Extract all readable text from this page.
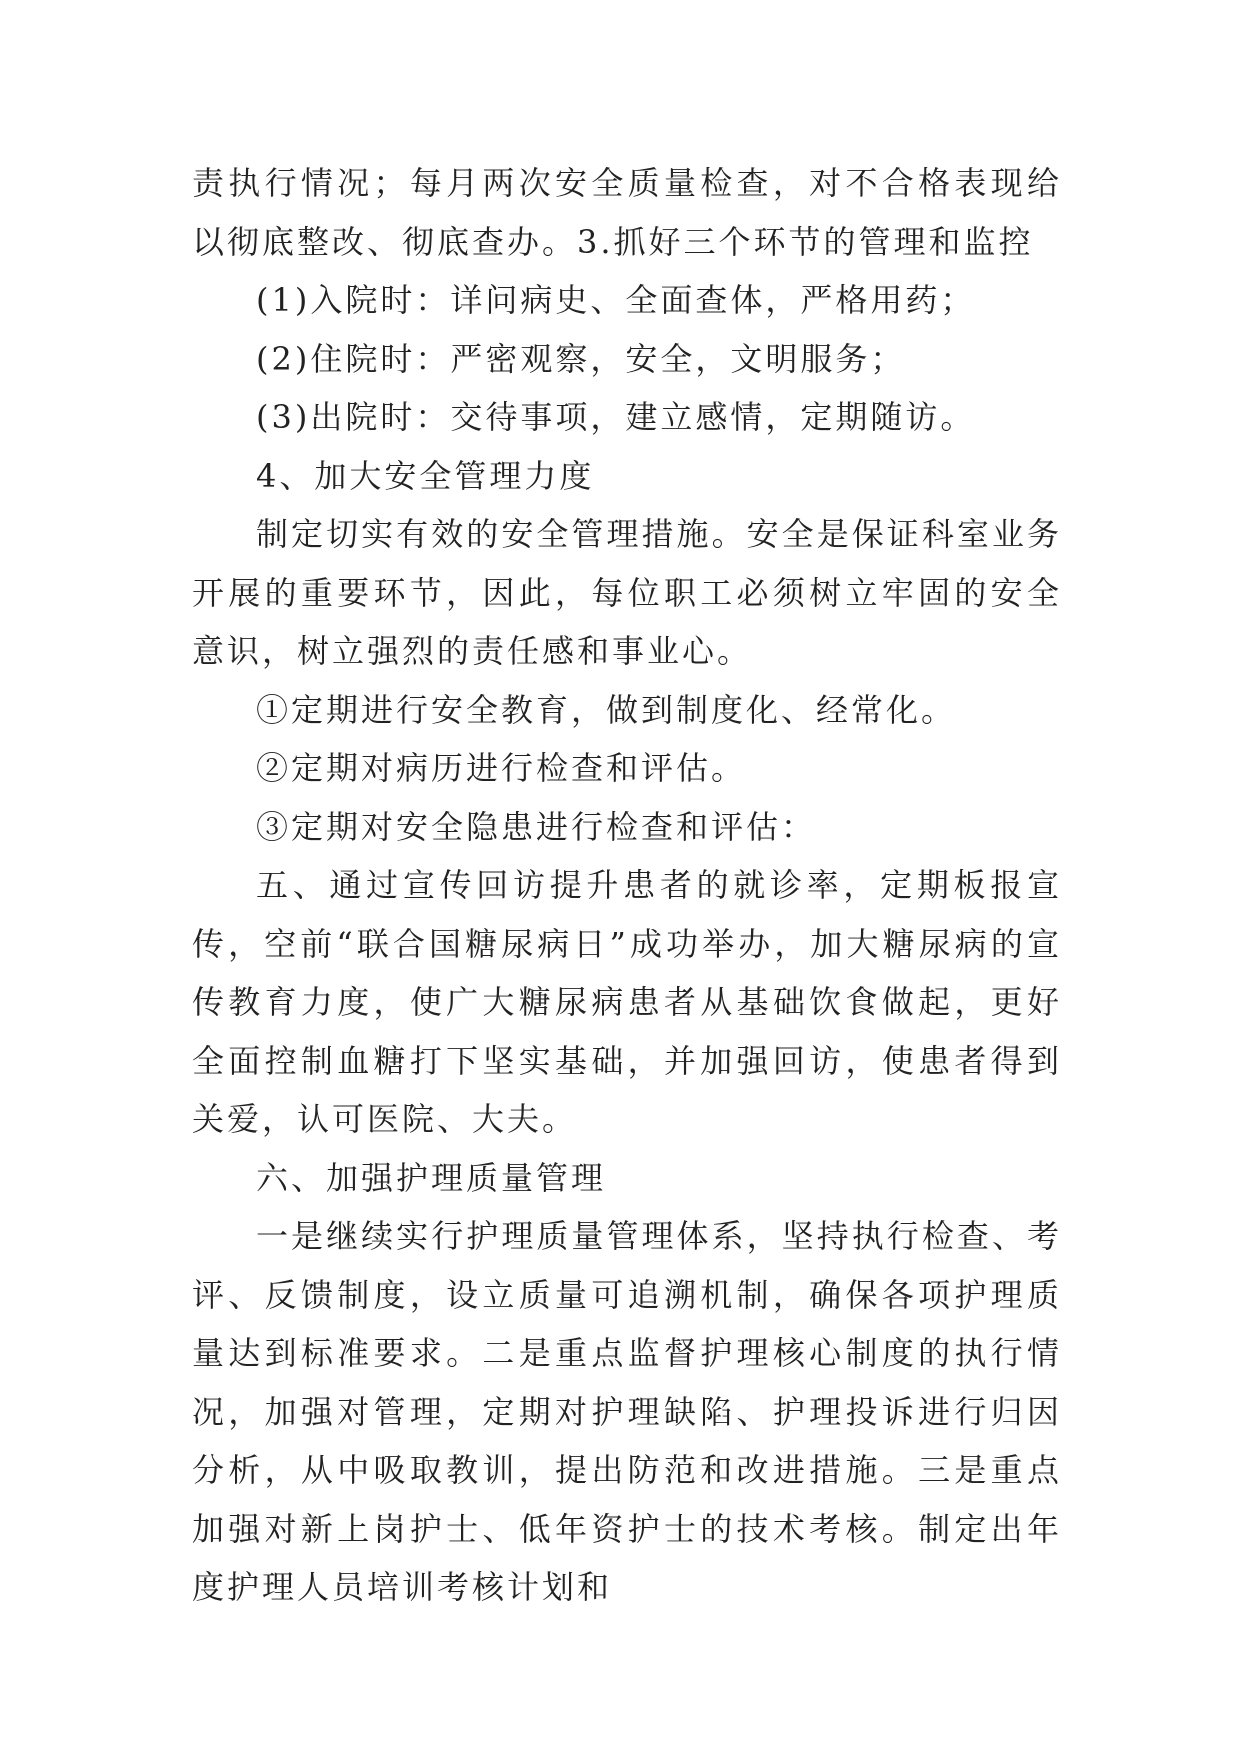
责执行情况；每月两次安全质量检查，对不合格表现给以彻底整改、彻底查办。3.抓好三个环节的管理和监控

(1)入院时：详问病史、全面查体，严格用药；

(2)住院时：严密观察，安全，文明服务；

(3)出院时：交待事项，建立感情，定期随访。

4、加大安全管理力度

制定切实有效的安全管理措施。安全是保证科室业务开展的重要环节，因此，每位职工必须树立牢固的安全意识，树立强烈的责任感和事业心。

①定期进行安全教育，做到制度化、经常化。

②定期对病历进行检查和评估。

③定期对安全隐患进行检查和评估：

五、通过宣传回访提升患者的就诊率，定期板报宣传，空前“联合国糖尿病日”成功举办，加大糖尿病的宣传教育力度，使广大糖尿病患者从基础饮食做起，更好全面控制血糖打下坚实基础，并加强回访，使患者得到关爱，认可医院、大夫。

六、加强护理质量管理

一是继续实行护理质量管理体系，坚持执行检查、考评、反馈制度，设立质量可追溯机制，确保各项护理质量达到标准要求。二是重点监督护理核心制度的执行情况，加强对管理，定期对护理缺陷、护理投诉进行归因分析，从中吸取教训，提出防范和改进措施。三是重点加强对新上岗护士、低年资护士的技术考核。制定出年度护理人员培训考核计划和
